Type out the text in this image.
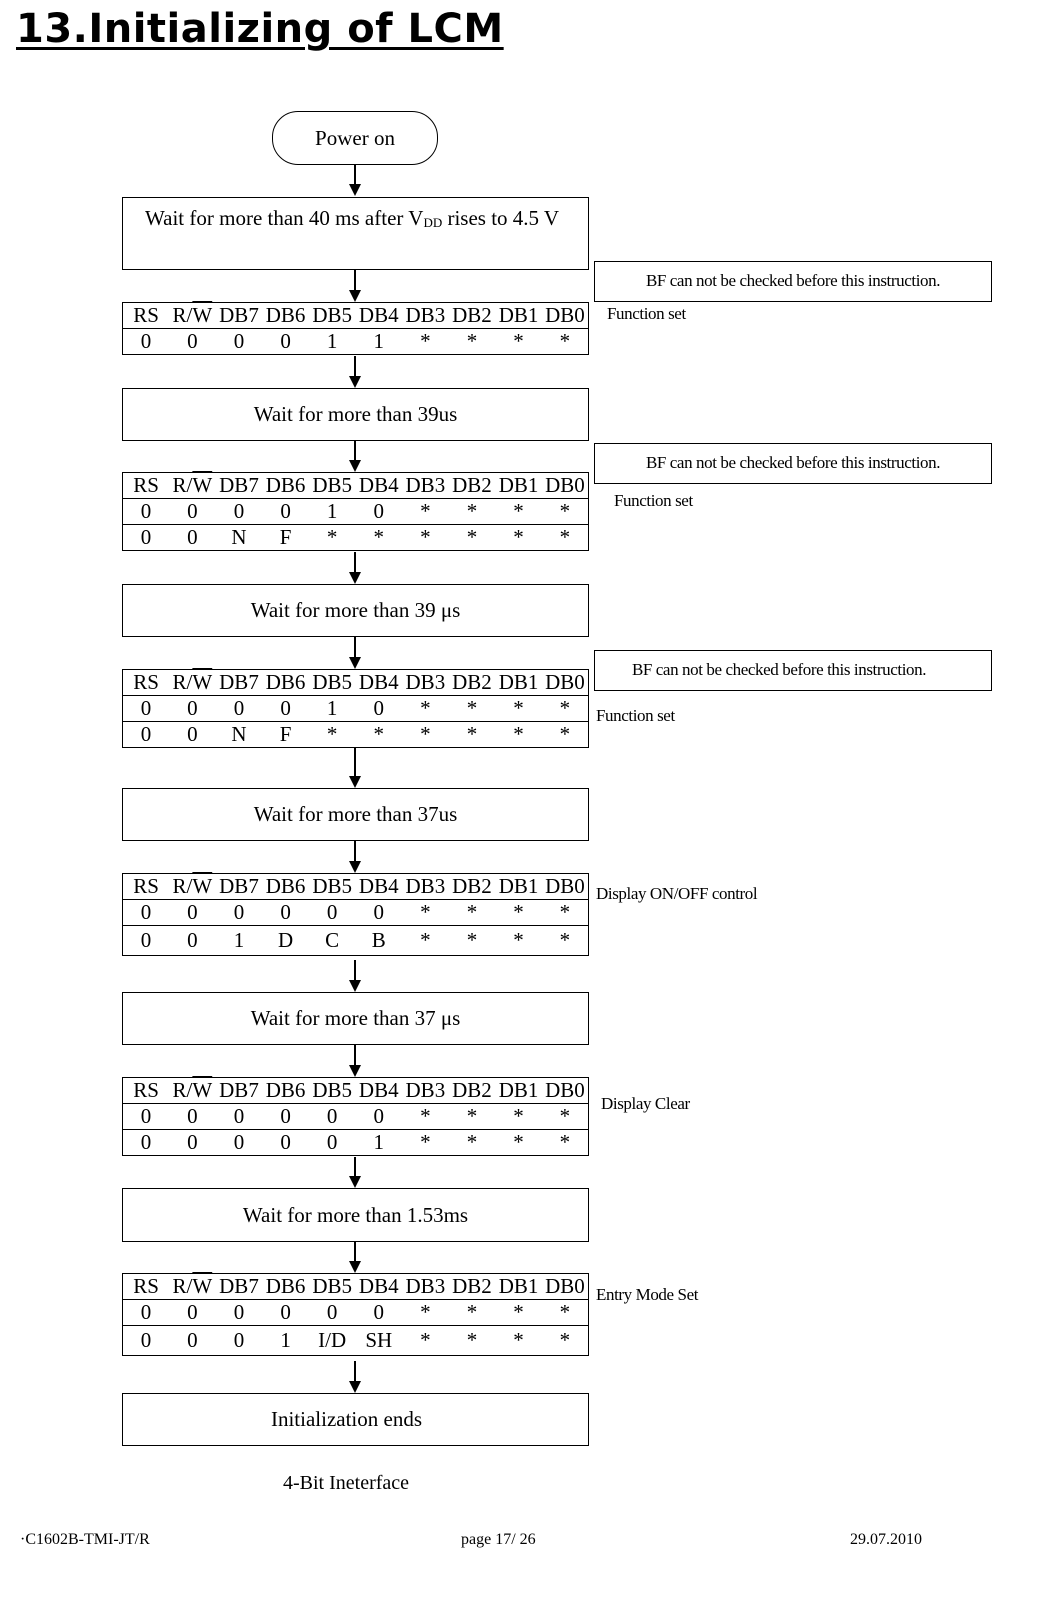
13.Initializing of LCM
Power on
Wait for more than 40 ms after VDD rises to 4.5 V
RS	$R/\overline{W}$	DB7	DB6	DB5	DB4	DB3	DB2	DB1	DB0
0	0	0	0	1	1	*	*	*	*
BF can not be checked before this instruction.
Function set
Wait for more than 39us
RS	$R/\overline{W}$	DB7	DB6	DB5	DB4	DB3	DB2	DB1	DB0
0	0	0	0	1	0	*	*	*	*
0	0	N	F	*	*	*	*	*	*
BF can not be checked before this instruction.
Function set
Wait for more than 39 μs
RS	$R/\overline{W}$	DB7	DB6	DB5	DB4	DB3	DB2	DB1	DB0
0	0	0	0	1	0	*	*	*	*
0	0	N	F	*	*	*	*	*	*
BF can not be checked before this instruction.
Function set
Wait for more than 37us
RS	$R/\overline{W}$	DB7	DB6	DB5	DB4	DB3	DB2	DB1	DB0
0	0	0	0	0	0	*	*	*	*
0	0	1	D	C	B	*	*	*	*
Display ON/OFF control
Wait for more than 37 μs
RS	$R/\overline{W}$	DB7	DB6	DB5	DB4	DB3	DB2	DB1	DB0
0	0	0	0	0	0	*	*	*	*
0	0	0	0	0	1	*	*	*	*
Display Clear
Wait for more than 1.53ms
RS	$R/\overline{W}$	DB7	DB6	DB5	DB4	DB3	DB2	DB1	DB0
0	0	0	0	0	0	*	*	*	*
0	0	0	1	I/D	SH	*	*	*	*
Entry Mode Set
Initialization ends
4-Bit Ineterface
·C1602B-TMI-JT/R	page 17/ 26	29.07.2010
